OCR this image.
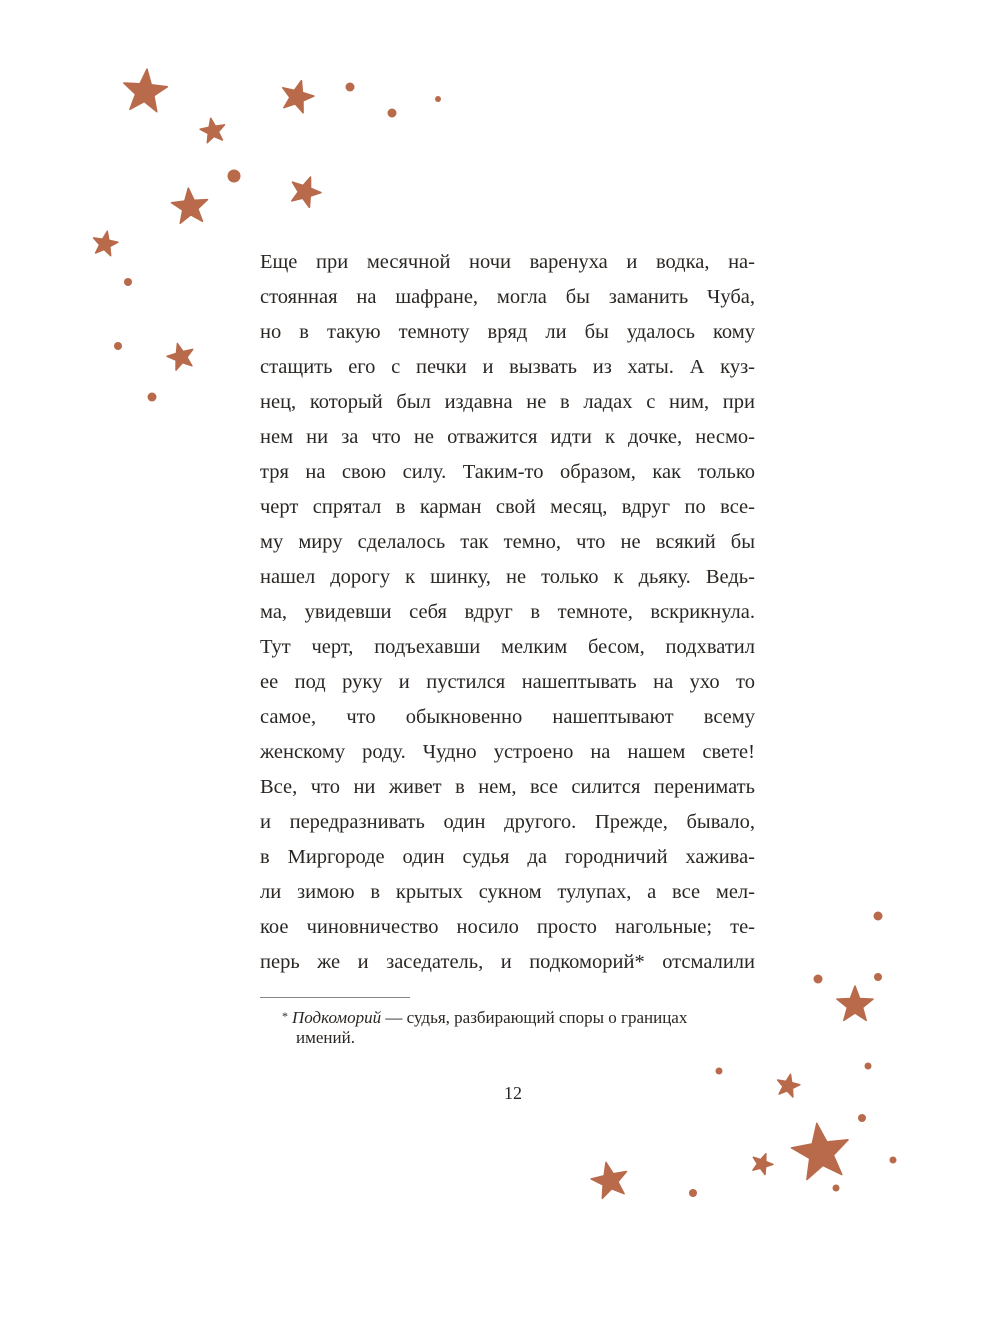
Еще при месячной ночи варенуха и водка, на-
стоянная на шафране, могла бы заманить Чуба,
но в такую темноту вряд ли бы удалось кому
стащить его с печки и вызвать из хаты. А куз-
нец, который был издавна не в ладах с ним, при
нем ни за что не отважится идти к дочке, несмо-
тря на свою силу. Таким-то образом, как только
черт спрятал в карман свой месяц, вдруг по все-
му миру сделалось так темно, что не всякий бы
нашел дорогу к шинку, не только к дьяку. Ведь-
ма, увидевши себя вдруг в темноте, вскрикнула.
Тут черт, подъехавши мелким бесом, подхватил
ее под руку и пустился нашептывать на ухо то
самое, что обыкновенно нашептывают всему
женскому роду. Чудно устроено на нашем свете!
Все, что ни живет в нем, все силится перенимать
и передразнивать один другого. Прежде, бывало,
в Миргороде один судья да городничий хажива-
ли зимою в крытых сукном тулупах, а все мел-
кое чиновничество носило просто нагольные; те-
перь же и заседатель, и подкоморий* отсмалили
* Подкоморий — судья, разбирающий споры о границах
имений.
12
